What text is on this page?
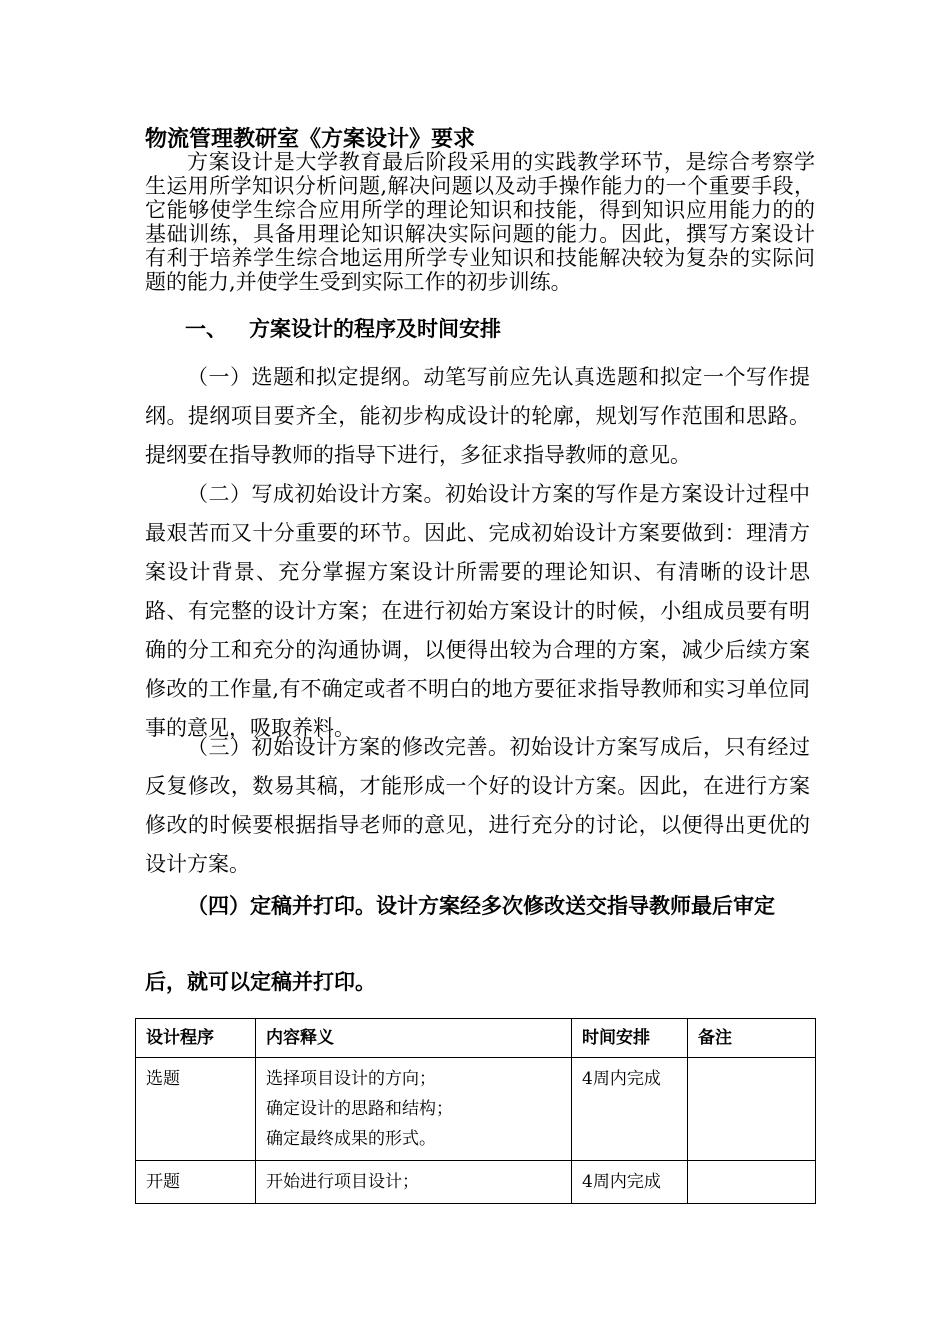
物流管理教研室《方案设计》要求

方案设计是大学教育最后阶段采用的实践教学环节，是综合考察学生运用所学知识分析问题,解决问题以及动手操作能力的一个重要手段，它能够使学生综合应用所学的理论知识和技能，得到知识应用能力的的基础训练，具备用理论知识解决实际问题的能力。因此，撰写方案设计有利于培养学生综合地运用所学专业知识和技能解决较为复杂的实际问题的能力,并使学生受到实际工作的初步训练。

一、 方案设计的程序及时间安排

（一）选题和拟定提纲。动笔写前应先认真选题和拟定一个写作提纲。提纲项目要齐全，能初步构成设计的轮廓，规划写作范围和思路。提纲要在指导教师的指导下进行，多征求指导教师的意见。

（二）写成初始设计方案。初始设计方案的写作是方案设计过程中最艰苦而又十分重要的环节。因此、完成初始设计方案要做到：理清方案设计背景、充分掌握方案设计所需要的理论知识、有清晰的设计思路、有完整的设计方案；在进行初始方案设计的时候，小组成员要有明确的分工和充分的沟通协调，以便得出较为合理的方案，减少后续方案修改的工作量,有不确定或者不明白的地方要征求指导教师和实习单位同事的意见，吸取养料。

（三）初始设计方案的修改完善。初始设计方案写成后，只有经过反复修改，数易其稿，才能形成一个好的设计方案。因此，在进行方案修改的时候要根据指导老师的意见，进行充分的讨论，以便得出更优的设计方案。

（四）定稿并打印。设计方案经多次修改送交指导教师最后审定
后，就可以定稿并打印。
设计程序	内容释义	时间安排	备注
选题	选择项目设计的方向；
确定设计的思路和结构；
确定最终成果的形式。	4周内完成	
开题	开始进行项目设计；	4周内完成	
